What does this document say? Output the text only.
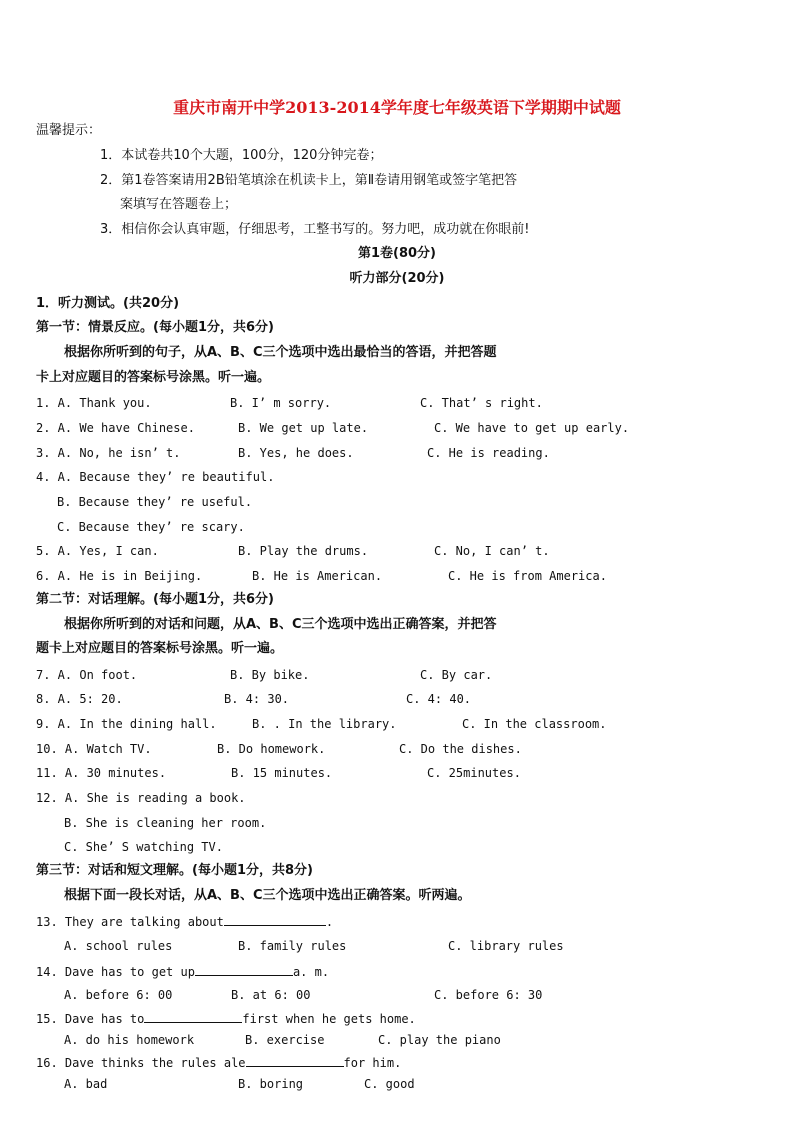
重庆市南开中学2013-2014学年度七年级英语下学期期中试题
温馨提示：
1．本试卷共10个大题，100分，120分钟完卷；
2．第1卷答案请用2B铅笔填涂在机读卡上，第Ⅱ卷请用钢笔或签字笔把答
案填写在答题卷上；
3．相信你会认真审题，仔细思考，工整书写的。努力吧，成功就在你眼前!
第1卷(80分)
听力部分(20分)
1．听力测试。(共20分)
第一节：情景反应。(每小题1分，共6分)
根据你所听到的句子，从A、B、C三个选项中选出最恰当的答语，并把答题
卡上对应题目的答案标号涂黑。听一遍。
1. A. Thank you.	B. I’ m sorry.	C. That’ s right.
2. A. We have Chinese.	B. We get up late.	C. We have to get up early.
3. A. No, he isn’ t.	B. Yes, he does.	C. He is reading.
4. A. Because they’ re beautiful.
B. Because they’ re useful.
C. Because they’ re scary.
5. A. Yes, I can.	B. Play the drums.	C. No, I can’ t.
6. A. He is in Beijing.	B. He is American.	C. He is from America.
第二节：对话理解。(每小题1分，共6分)
根据你所听到的对话和问题，从A、B、C三个选项中选出正确答案，并把答
题卡上对应题目的答案标号涂黑。听一遍。
7. A. On foot.	B. By bike.	C. By car.
8. A. 5: 20.	B. 4: 30.	C. 4: 40.
9. A. In the dining hall.	B. . In the library.	C. In the classroom.
10. A. Watch TV.	B. Do homework.	C. Do the dishes.
11. A. 30 minutes.	B. 15 minutes.	C. 25minutes.
12. A. She is reading a book.
B. She is cleaning her room.
C. She’ S watching TV.
第三节：对话和短文理解。(每小题1分，共8分)
根据下面一段长对话，从A、B、C三个选项中选出正确答案。听两遍。
13. They are talking about	.
A. school rules	B. family rules	C. library rules
14. Dave has to get up	a. m.
A. before 6: 00	B. at 6: 00	C. before 6: 30
15. Dave has to	first when he gets home.
A. do his homework	B. exercise	C. play the piano
16. Dave thinks the rules ale	for him.
A. bad	B. boring	C. good
